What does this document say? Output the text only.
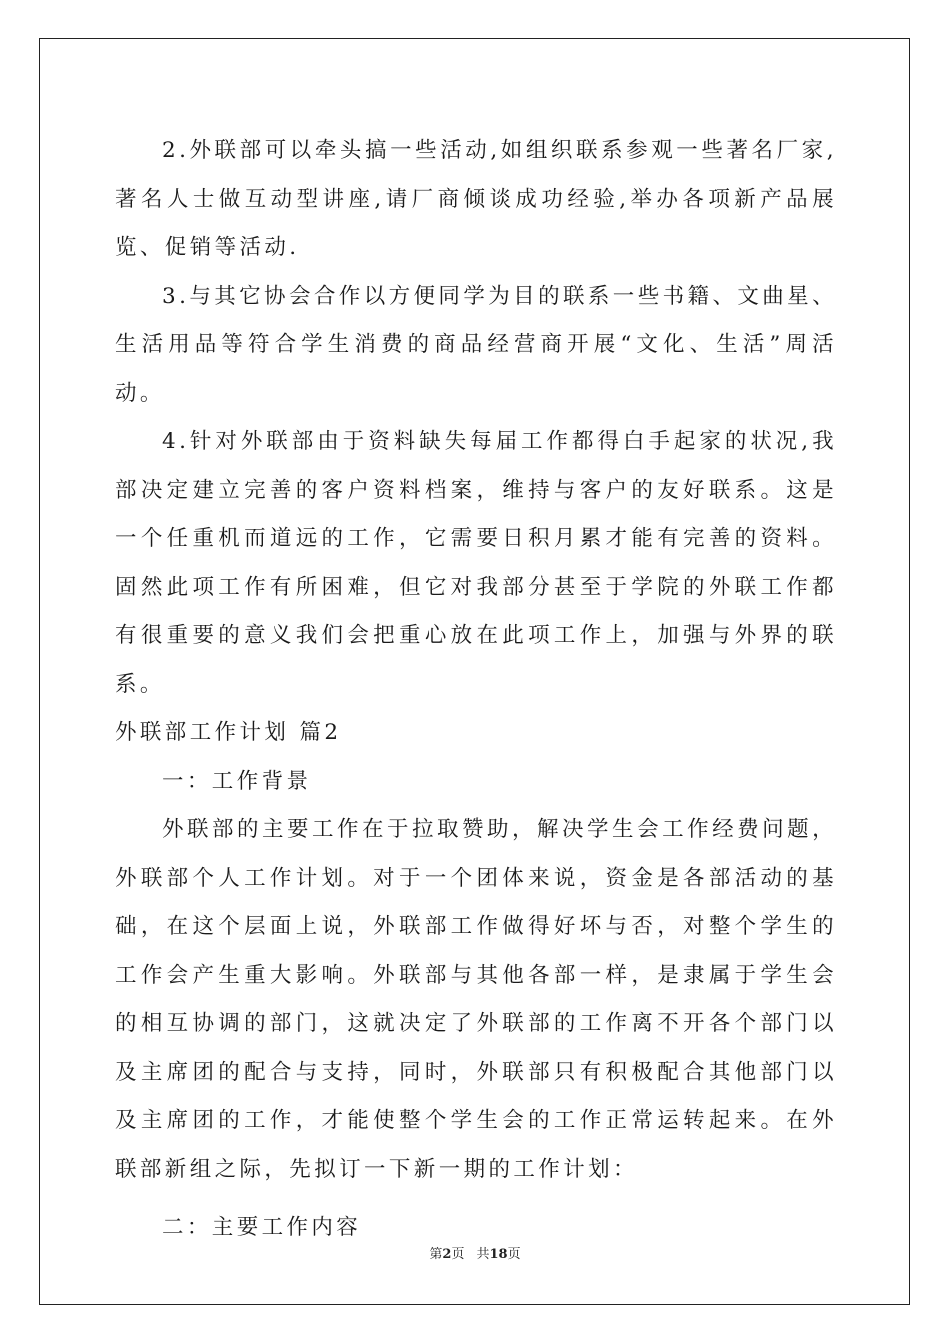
2.外联部可以牵头搞一些活动,如组织联系参观一些著名厂家,著名人士做互动型讲座,请厂商倾谈成功经验,举办各项新产品展览、促销等活动.

3.与其它协会合作以方便同学为目的联系一些书籍、文曲星、生活用品等符合学生消费的商品经营商开展“文化、生活”周活动。

4.针对外联部由于资料缺失每届工作都得白手起家的状况,我部决定建立完善的客户资料档案，维持与客户的友好联系。这是一个任重机而道远的工作，它需要日积月累才能有完善的资料。固然此项工作有所困难，但它对我部分甚至于学院的外联工作都有很重要的意义我们会把重心放在此项工作上，加强与外界的联系。

外联部工作计划 篇2

一：工作背景

外联部的主要工作在于拉取赞助，解决学生会工作经费问题，外联部个人工作计划。对于一个团体来说，资金是各部活动的基础，在这个层面上说，外联部工作做得好坏与否，对整个学生的工作会产生重大影响。外联部与其他各部一样，是隶属于学生会的相互协调的部门，这就决定了外联部的工作离不开各个部门以及主席团的配合与支持，同时，外联部只有积极配合其他部门以及主席团的工作，才能使整个学生会的工作正常运转起来。在外联部新组之际，先拟订一下新一期的工作计划：

二：主要工作内容

第2页 共18页
